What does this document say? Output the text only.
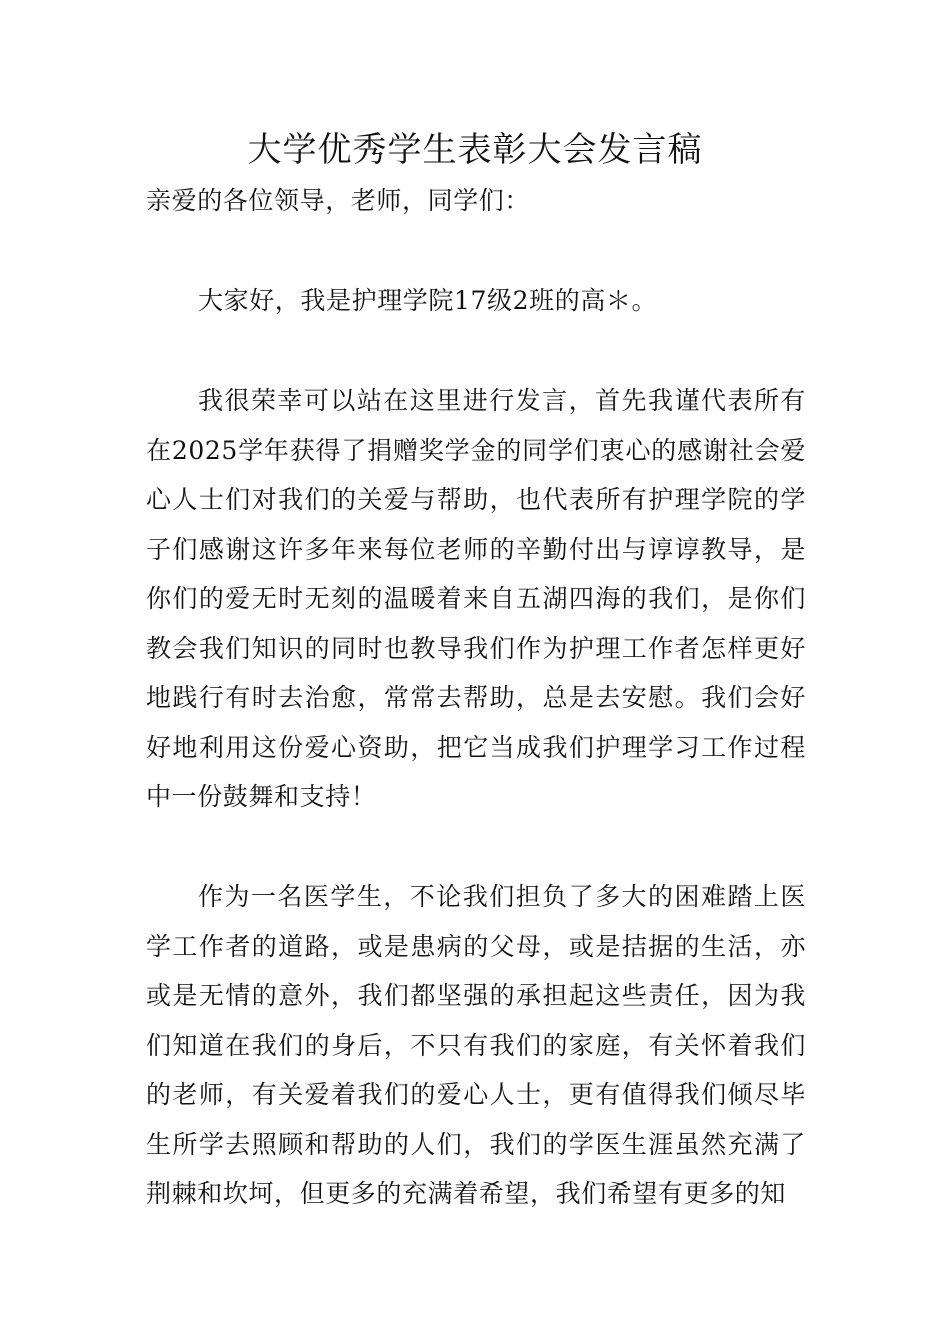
大学优秀学生表彰大会发言稿
亲爱的各位领导，老师，同学们：

大家好，我是护理学院17级2班的高＊。

我很荣幸可以站在这里进行发言，首先我谨代表所有在2025学年获得了捐赠奖学金的同学们衷心的感谢社会爱心人士们对我们的关爱与帮助，也代表所有护理学院的学子们感谢这许多年来每位老师的辛勤付出与谆谆教导，是你们的爱无时无刻的温暖着来自五湖四海的我们，是你们教会我们知识的同时也教导我们作为护理工作者怎样更好地践行有时去治愈，常常去帮助，总是去安慰。我们会好好地利用这份爱心资助，把它当成我们护理学习工作过程中一份鼓舞和支持！

作为一名医学生，不论我们担负了多大的困难踏上医学工作者的道路，或是患病的父母，或是拮据的生活，亦或是无情的意外，我们都坚强的承担起这些责任，因为我们知道在我们的身后，不只有我们的家庭，有关怀着我们的老师，有关爱着我们的爱心人士，更有值得我们倾尽毕生所学去照顾和帮助的人们，我们的学医生涯虽然充满了荆棘和坎坷，但更多的充满着希望，我们希望有更多的知
